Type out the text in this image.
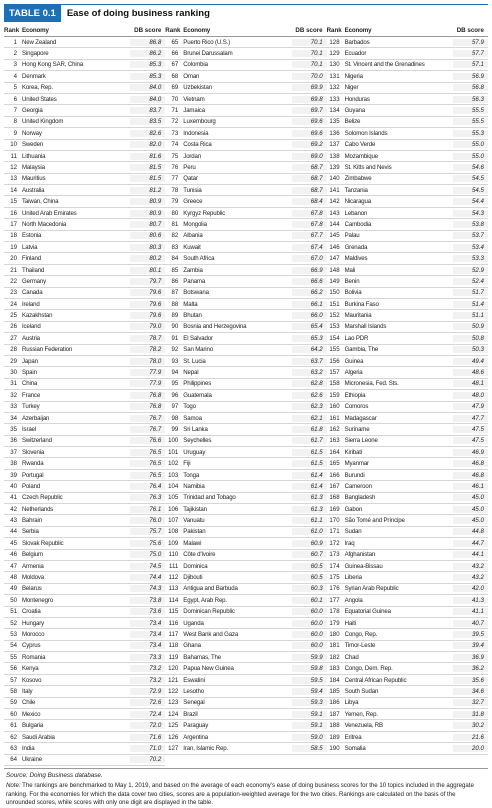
TABLE 0.1	Ease of doing business ranking
Rank Economy	DB score
1 New Zealand	86.8
2 Singapore	86.2
3 Hong Kong SAR, China	85.3
4 Denmark	85.3
5 Korea, Rep.	84.0
6 United States	84.0
7 Georgia	83.7
8 United Kingdom	83.5
9 Norway	82.6
10 Sweden	82.0
11 Lithuania	81.6
12 Malaysia	81.5
13 Mauritius	81.5
14 Australia	81.2
15 Taiwan, China	80.9
16 United Arab Emirates	80.9
17 North Macedonia	80.7
18 Estonia	80.6
19 Latvia	80.3
20 Finland	80.2
21 Thailand	80.1
22 Germany	79.7
23 Canada	79.6
24 Ireland	79.6
25 Kazakhstan	79.6
26 Iceland	79.0
27 Austria	78.7
28 Russian Federation	78.2
29 Japan	78.0
30 Spain	77.9
31 China	77.9
32 France	76.8
33 Turkey	76.8
34 Azerbaijan	76.7
35 Israel	76.7
36 Switzerland	76.6
37 Slovenia	76.5
38 Rwanda	76.5
39 Portugal	76.5
40 Poland	76.4
41 Czech Republic	76.3
42 Netherlands	76.1
43 Bahrain	76.0
44 Serbia	75.7
45 Slovak Republic	75.6
46 Belgium	75.0
47 Armenia	74.5
48 Moldova	74.4
49 Belarus	74.3
50 Montenegro	73.8
51 Croatia	73.6
52 Hungary	73.4
53 Morocco	73.4
54 Cyprus	73.4
55 Romania	73.3
56 Kenya	73.2
57 Kosovo	73.2
58 Italy	72.9
59 Chile	72.6
60 Mexico	72.4
61 Bulgaria	72.0
62 Saudi Arabia	71.6
63 India	71.0
64 Ukraine	70.2
Rank Economy	DB score
65 Puerto Rico (U.S.)	70.1
66 Brunei Darussalam	70.1
67 Colombia	70.1
68 Oman	70.0
69 Uzbekistan	69.9
70 Vietnam	69.8
71 Jamaica	69.7
72 Luxembourg	69.6
73 Indonesia	69.6
74 Costa Rica	69.2
75 Jordan	69.0
76 Peru	68.7
77 Qatar	68.7
78 Tunisia	68.7
79 Greece	68.4
80 Kyrgyz Republic	67.8
81 Mongolia	67.8
82 Albania	67.7
83 Kuwait	67.4
84 South Africa	67.0
85 Zambia	66.9
86 Panama	66.6
87 Botswana	66.2
88 Malta	66.1
89 Bhutan	66.0
90 Bosnia and Herzegovina	65.4
91 El Salvador	65.3
92 San Marino	64.2
93 St. Lucia	63.7
94 Nepal	63.2
95 Philippines	62.8
96 Guatemala	62.6
97 Togo	62.3
98 Samoa	62.1
99 Sri Lanka	61.8
100 Seychelles	61.7
101 Uruguay	61.5
102 Fiji	61.5
103 Tonga	61.4
104 Namibia	61.4
105 Trinidad and Tobago	61.3
106 Tajikistan	61.3
107 Vanuatu	61.1
108 Pakistan	61.0
109 Malawi	60.9
110 Côte d'Ivoire	60.7
111 Dominica	60.5
112 Djibouti	60.5
113 Antigua and Barbuda	60.3
114 Egypt, Arab Rep.	60.1
115 Dominican Republic	60.0
116 Uganda	60.0
117 West Bank and Gaza	60.0
118 Ghana	60.0
119 Bahamas, The	59.9
120 Papua New Guinea	59.8
121 Eswatini	59.5
122 Lesotho	59.4
123 Senegal	59.3
124 Brazil	59.1
125 Paraguay	59.1
126 Argentina	59.0
127 Iran, Islamic Rep.	58.5
Rank Economy	DB score
128 Barbados	57.9
129 Ecuador	57.7
130 St. Vincent and the Grenadines	57.1
131 Nigeria	56.9
132 Niger	56.8
133 Honduras	56.3
134 Guyana	55.5
135 Belize	55.5
136 Solomon Islands	55.3
137 Cabo Verde	55.0
138 Mozambique	55.0
139 St. Kitts and Nevis	54.6
140 Zimbabwe	54.5
141 Tanzania	54.5
142 Nicaragua	54.4
143 Lebanon	54.3
144 Cambodia	53.8
145 Palau	53.7
146 Grenada	53.4
147 Maldives	53.3
148 Mali	52.9
149 Benin	52.4
150 Bolivia	51.7
151 Burkina Faso	51.4
152 Mauritania	51.1
153 Marshall Islands	50.9
154 Lao PDR	50.8
155 Gambia, The	50.3
156 Guinea	49.4
157 Algeria	48.6
158 Micronesia, Fed. Sts.	48.1
159 Ethiopia	48.0
160 Comoros	47.9
161 Madagascar	47.7
162 Suriname	47.5
163 Sierra Leone	47.5
164 Kiribati	46.9
165 Myanmar	46.8
166 Burundi	46.8
167 Cameroon	46.1
168 Bangladesh	45.0
169 Gabon	45.0
170 São Tomé and Príncipe	45.0
171 Sudan	44.8
172 Iraq	44.7
173 Afghanistan	44.1
174 Guinea-Bissau	43.2
175 Liberia	43.2
176 Syrian Arab Republic	42.0
177 Angola	41.3
178 Equatorial Guinea	41.1
179 Haiti	40.7
180 Congo, Rep.	39.5
181 Timor-Leste	39.4
182 Chad	36.9
183 Congo, Dem. Rep.	36.2
184 Central African Republic	35.6
185 South Sudan	34.6
186 Libya	32.7
187 Yemen, Rep.	31.8
188 Venezuela, RB	30.2
189 Eritrea	21.6
190 Somalia	20.0
Source: Doing Business database.
Note: The rankings are benchmarked to May 1, 2019, and based on the average of each economy's ease of doing business scores for the 10 topics included in the aggregate ranking. For the economies for which the data cover two cities, scores are a population-weighted average for the two cities. Rankings are calculated on the basis of the unrounded scores, while scores with only one digit are displayed in the table.
